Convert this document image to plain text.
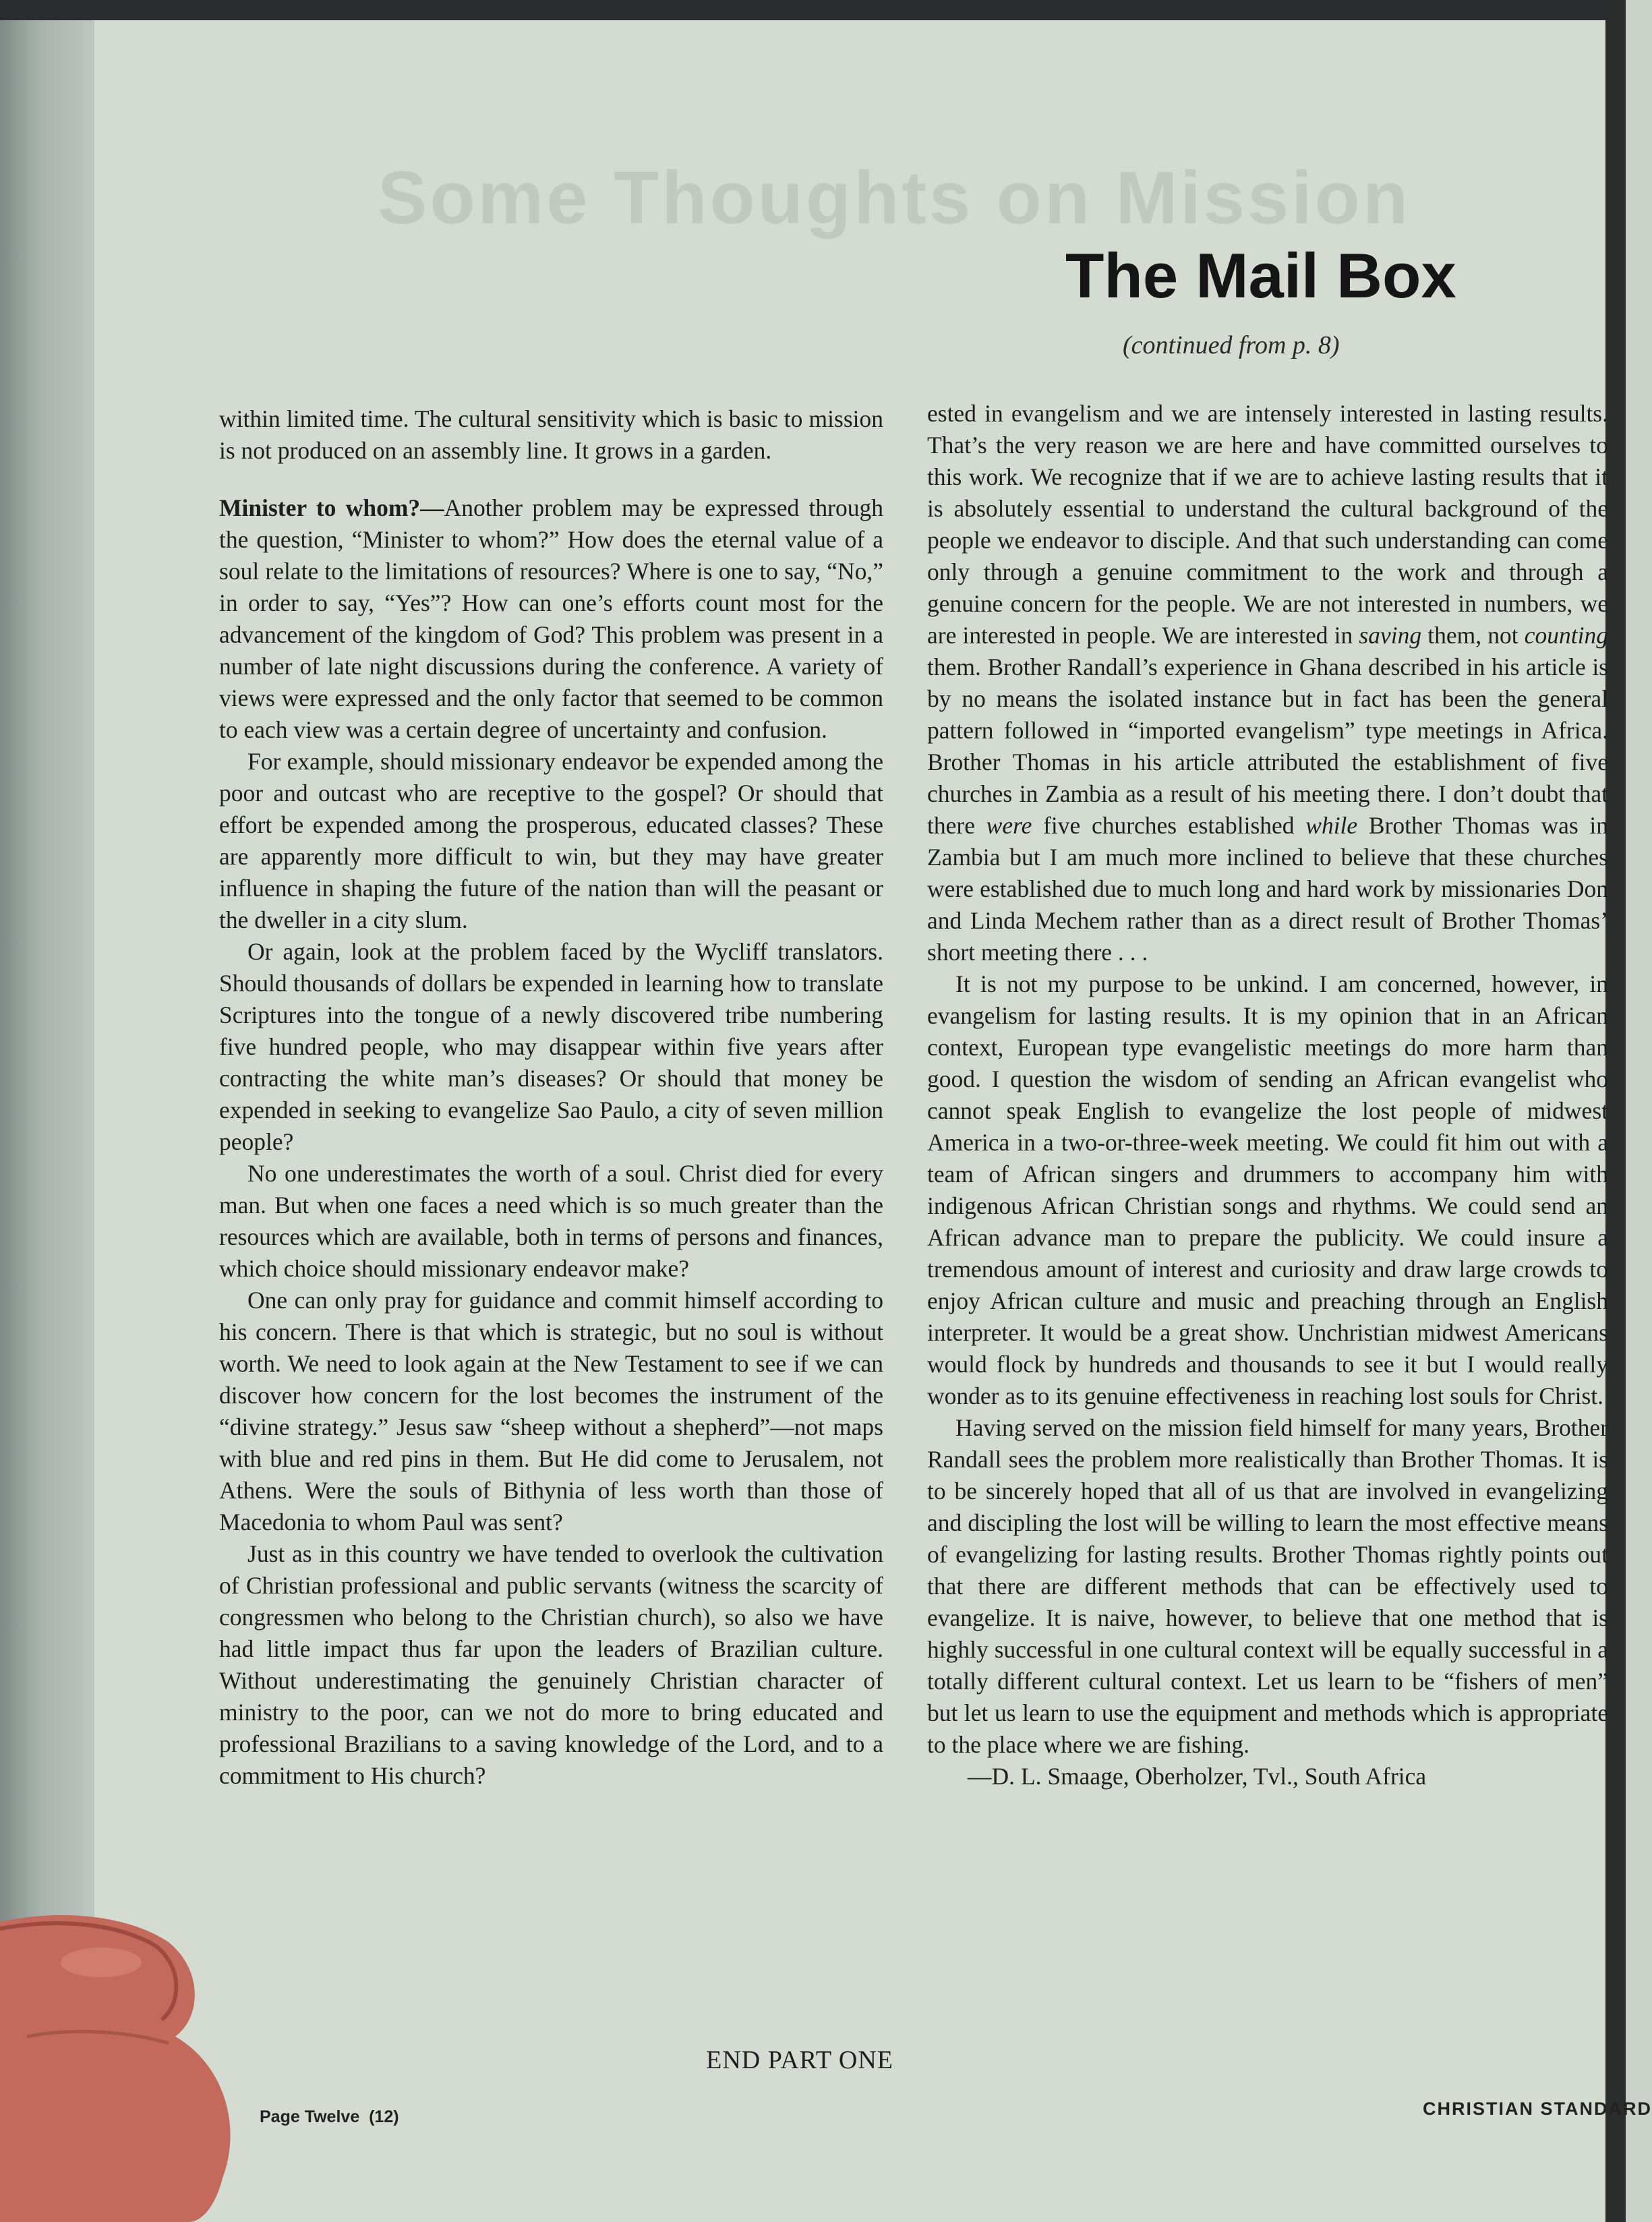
Some Thoughts on Mission
The Mail Box
(continued from p. 8)

within limited time. The cultural sensitivity which is basic to mission is not produced on an assembly line. It grows in a garden.

Minister to whom?—Another problem may be expressed through the question, “Minister to whom?” How does the eternal value of a soul relate to the limitations of resources? Where is one to say, “No,” in order to say, “Yes”? How can one’s efforts count most for the advancement of the kingdom of God? This problem was present in a number of late night discussions during the conference. A variety of views were expressed and the only factor that seemed to be common to each view was a certain degree of uncertainty and confusion.

For example, should missionary endeavor be expended among the poor and outcast who are receptive to the gospel? Or should that effort be expended among the prosperous, educated classes? These are apparently more difficult to win, but they may have greater influence in shaping the future of the nation than will the peasant or the dweller in a city slum.

Or again, look at the problem faced by the Wycliff translators. Should thousands of dollars be expended in learning how to translate Scriptures into the tongue of a newly discovered tribe numbering five hundred people, who may disappear within five years after contracting the white man’s diseases? Or should that money be expended in seeking to evangelize Sao Paulo, a city of seven million people?

No one underestimates the worth of a soul. Christ died for every man. But when one faces a need which is so much greater than the resources which are available, both in terms of persons and finances, which choice should missionary endeavor make?

One can only pray for guidance and commit himself according to his concern. There is that which is strategic, but no soul is without worth. We need to look again at the New Testament to see if we can discover how concern for the lost becomes the instrument of the “divine strategy.” Jesus saw “sheep without a shepherd”—not maps with blue and red pins in them. But He did come to Jerusalem, not Athens. Were the souls of Bithynia of less worth than those of Macedonia to whom Paul was sent?

Just as in this country we have tended to overlook the cultivation of Christian professional and public servants (witness the scarcity of congressmen who belong to the Christian church), so also we have had little impact thus far upon the leaders of Brazilian culture. Without underestimating the genuinely Christian character of ministry to the poor, can we not do more to bring educated and professional Brazilians to a saving knowledge of the Lord, and to a commitment to His church?

END PART ONE

ested in evangelism and we are intensely interested in lasting results. That’s the very reason we are here and have committed ourselves to this work. We recognize that if we are to achieve lasting results that it is absolutely essential to understand the cultural background of the people we endeavor to disciple. And that such understanding can come only through a genuine commitment to the work and through a genuine concern for the people. We are not interested in numbers, we are interested in people. We are interested in saving them, not counting them. Brother Randall’s experience in Ghana described in his article is by no means the isolated instance but in fact has been the general pattern followed in “imported evangelism” type meetings in Africa. Brother Thomas in his article attributed the establishment of five churches in Zambia as a result of his meeting there. I don’t doubt that there were five churches established while Brother Thomas was in Zambia but I am much more inclined to believe that these churches were established due to much long and hard work by missionaries Don and Linda Mechem rather than as a direct result of Brother Thomas’ short meeting there . . .

It is not my purpose to be unkind. I am concerned, however, in evangelism for lasting results. It is my opinion that in an African context, European type evangelistic meetings do more harm than good. I question the wisdom of sending an African evangelist who cannot speak English to evangelize the lost people of midwest America in a two-or-three-week meeting. We could fit him out with a team of African singers and drummers to accompany him with indigenous African Christian songs and rhythms. We could send an African advance man to prepare the publicity. We could insure a tremendous amount of interest and curiosity and draw large crowds to enjoy African culture and music and preaching through an English interpreter. It would be a great show. Unchristian midwest Americans would flock by hundreds and thousands to see it but I would really wonder as to its genuine effectiveness in reaching lost souls for Christ.

Having served on the mission field himself for many years, Brother Randall sees the problem more realistically than Brother Thomas. It is to be sincerely hoped that all of us that are involved in evangelizing and discipling the lost will be willing to learn the most effective means of evangelizing for lasting results. Brother Thomas rightly points out that there are different methods that can be effectively used to evangelize. It is naive, however, to believe that one method that is highly successful in one cultural context will be equally successful in a totally different cultural context. Let us learn to be “fishers of men” but let us learn to use the equipment and methods which is appropriate to the place where we are fishing.

—D. L. Smaage, Oberholzer, Tvl., South Africa

Page Twelve  (12)	CHRISTIAN STANDARD
